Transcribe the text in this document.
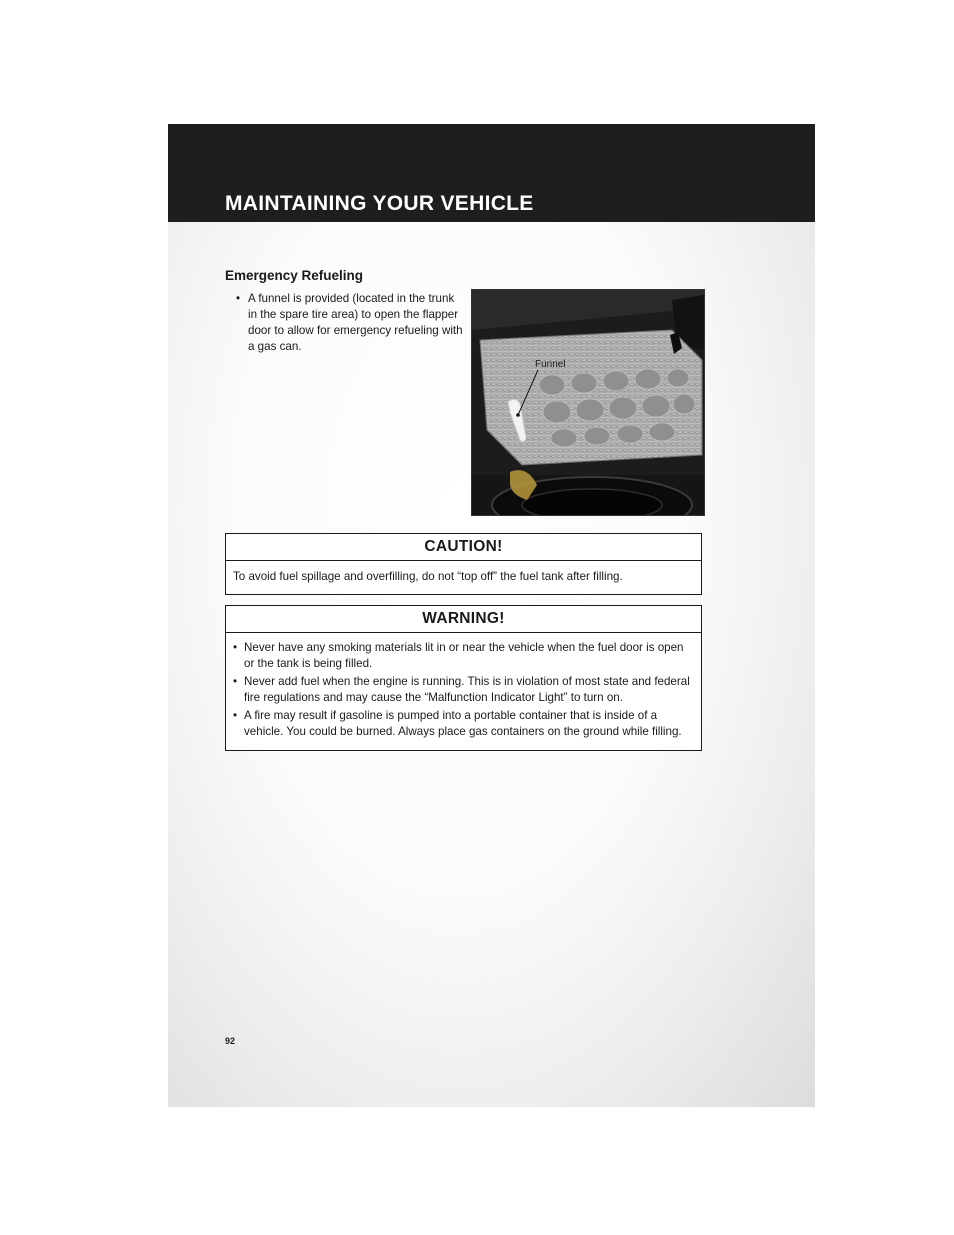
MAINTAINING YOUR VEHICLE
Emergency Refueling
• A funnel is provided (located in the trunk in the spare tire area) to open the flapper door to allow for emergency refueling with a gas can.
Funnel
CAUTION!
To avoid fuel spillage and overfilling, do not “top off” the fuel tank after filling.
WARNING!
• Never have any smoking materials lit in or near the vehicle when the fuel door is open or the tank is being filled.
• Never add fuel when the engine is running. This is in violation of most state and federal fire regulations and may cause the “Malfunction Indicator Light” to turn on.
• A fire may result if gasoline is pumped into a portable container that is inside of a vehicle. You could be burned. Always place gas containers on the ground while filling.
92
